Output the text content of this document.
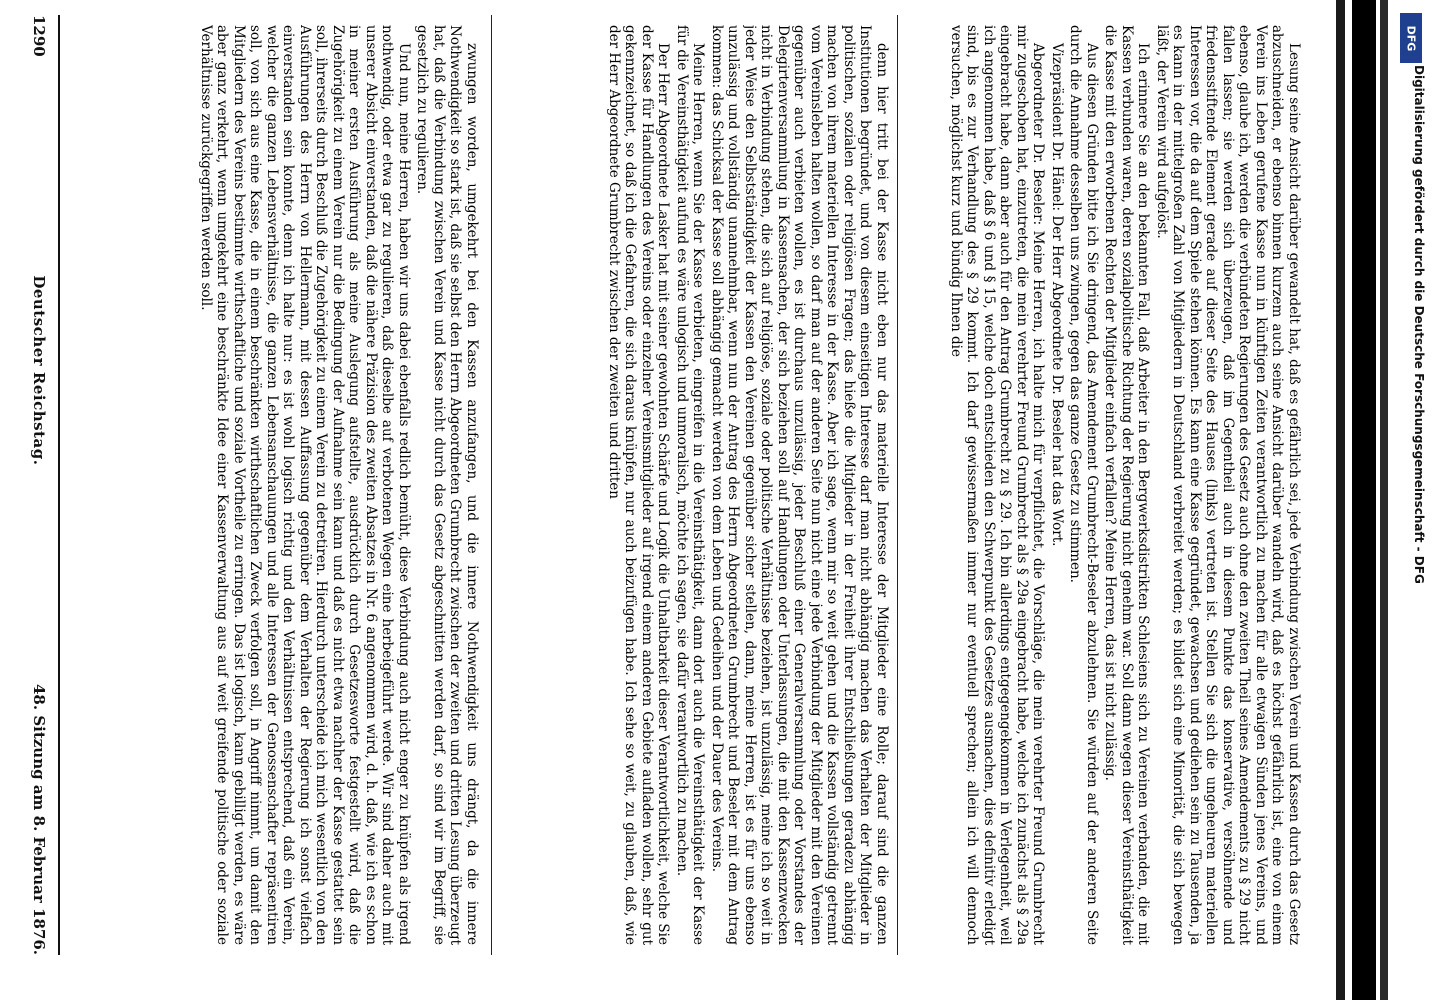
1290
Deutscher Reichstag.
48. Sitzung am 8. Februar 1876.	zwungen worden, umgekehrt bei den Kassen anzufangen, und die innere Nothwendigkeit uns drängt, da die innere Nothwendigkeit so stark ist, daß sie selbst den Herrn Abgeordneten Grumbrecht zwischen der zweiten und dritten Lesung überzeugt hat, daß die Verbindung zwischen Verein und Kasse nicht durch das Gesetz abgeschnitten werden darf, so sind wir im Begriff, sie gesetzlich zu regulieren.

Und nun, meine Herren, haben wir uns dabei ebenfalls redlich bemüht, diese Verbindung auch nicht enger zu knüpfen als irgend nothwendig, oder etwa gar zu regulieren, daß dieselbe auf verbotenen Wegen eine herbeigeführt werde. Wir sind daher auch mit unserer Absicht einverstanden, daß die nähere Präzision des zweiten Absatzes in Nr. 6 angenommen wird, d. h. daß, wie ich es schon in meiner ersten Ausführung als meine Auslegung aufstellte, ausdrücklich durch Gesetzesworte festgestellt wird, daß die Zugehörigkeit zu einem Verein nur die Bedingung der Aufnahme sein kann und daß es nicht etwa nachher der Kasse gestattet sein soll, ihrerseits durch Beschluß die Zugehörigkeit zu einem Verein zu detretiren. Hierdurch unterscheide ich mich wesentlich von den Ausführungen des Herrn von Hellermann, mit dessen Auffassung gegenüber dem Verhalten der Regierung ich sonst vielfach einverstanden sein konnte, denn ich halte nur: es ist wohl logisch richtig und den Verhältnissen entsprechend, daß ein Verein, welcher die ganzen Lebensverhältnisse, die ganzen Lebensanschauungen und alle Interessen der Genossenschafter repräsentiren soll, von sich aus eine Kasse, die in einem beschränkten wirthschaftlichen Zweck verfolgen soll, in Angriff nimmt, um damit den Mitgliedern des Vereins bestimmte wirthschaftliche und soziale Vortheile zu erringen. Das ist logisch, kann gebilligt werden, es wäre aber ganz verkehrt, wenn umgekehrt eine beschränkte Idee einer Kassenverwaltung aus auf weit greifende politische oder soziale Verhältnisse zurückgegriffen werden soll.	denn hier tritt bei der Kasse nicht eben nur das materielle Interesse der Mitglieder eine Rolle; darauf sind die ganzen Institutionen begründet, und von diesem einseitigen Interesse darf man nicht abhängig machen das Verhalten der Mitglieder in politischen, sozialen oder religiösen Fragen; das hieße die Mitglieder in der Freiheit ihrer Entschließungen geradezu abhängig machen von ihrem materiellen Interesse in der Kasse. Aber ich sage, wenn mir so weit gehen und die Kassen vollständig getrennt vom Vereinsleben halten wollen, so darf man auf der anderen Seite nun nicht eine jede Verbindung der Mitglieder mit den Vereinen gegenüber auch verbieten wollen, es ist durchaus unzulässig, jeder Beschluß einer Generalversammlung oder Vorstandes der Delegirtenversammlung in Kassensachen, der sich beziehen soll auf Handlungen oder Unterlassungen, die mit den Kassenzwecken nicht in Verbindung stehen, die sich auf religiöse, soziale oder politische Verhältnisse beziehen, ist unzulässig, meine ich so weit in jeder Weise den Selbstständigkeit der Kassen den Vereinen gegenüber sicher stellen, dann, meine Herren, ist es für uns ebenso unzulässig und vollständig unannehmbar, wenn nun der Antrag des Herrn Abgeordneten Grumbrecht und Beseler mit dem Antrag kommen: das Schicksal der Kasse soll abhängig gemacht werden von dem Leben und Gedeihen und der Dauer des Vereins.

Meine Herren, wenn Sie der Kasse verbieten, eingreifen in die Vereinsthätigkeit, dann dort auch die Vereinsthätigkeit der Kasse für die Vereinsthätigkeit aufund es wäre unlogisch und unmoralisch, möchte ich sagen, sie dafür verantwortlich zu machen.

Der Herr Abgeordnete Lasker hat mit seiner gewohnten Schärfe und Logik die Unhaltbarkeit dieser Verantwortlichkeit, welche Sie der Kasse für Handlungen des Vereins oder einzelner Vereinsmitglieder auf irgend einem anderen Gebiete aufladen wollen, sehr gut gekennzeichnet, so daß ich die Gefahren, die sich daraus knüpfen, nur auch beizufügen habe. Ich sehe so weit, zu glauben, daß, wie der Herr Abgeordnete Grumbrecht zwischen der zweiten und dritten	Lesung seine Ansicht darüber gewandelt hat, daß es gefährlich sei, jede Verbindung zwischen Verein und Kassen durch das Gesetz abzuschneiden, er ebenso binnen kurzem auch seine Ansicht darüber wandeln wird, daß es höchst gefährlich ist, eine von einem Verein ins Leben gerufene Kasse nun in künftigen Zeiten verantwortlich zu machen für alle etwaigen Sünden jenes Vereins, und ebenso, glaube ich, werden die verbündeten Regierungen des Gesetz auch ohne den zweiten Theil seines Amendements zu § 29 nicht fallen lassen; sie werden sich überzeugen, daß im Gegentheil auch in diesem Punkte das konservative, versöhnende und friedensstiftende Element gerade auf dieser Seite des Hauses (links) vertreten ist. Stellen Sie sich die ungeheuren materiellen Interessen vor, die da auf dem Spiele stehen können. Es kann eine Kasse gegründet, gewachsen und gediehen sein zu Tausenden, ja es kann in der mittelgroßen Zahl von Mitgliedern in Deutschland verbreitet werden; es bildet sich eine Minorität, die sich bewegen läßt, der Verein wird aufgelöst.

Ich erinnere Sie an den bekannten Fall, daß Arbeiter in den Bergwerksdistrikten Schlesiens sich zu Vereinen verbanden, die mit Kassen verbunden waren, deren sozialpolitische Richtung der Regierung nicht genehm war. Soll dann wegen dieser Vereinsthätigkeit die Kasse mit den erworbenen Rechten der Mitglieder einfach verfallen? Meine Herren, das ist nicht zulässig.

Aus diesen Gründen bitte ich Sie dringend, das Amendement Grumbrecht-Beseler abzulehnen. Sie würden auf der anderen Seite durch die Annahme desselben uns zwingen, gegen das ganze Gesetz zu stimmen.

Vizepräsident Dr. Hänel: Der Herr Abgeordnete Dr. Beseler hat das Wort.

Abgeordneter Dr. Beseler: Meine Herren, ich halte mich für verpflichtet, die Vorschläge, die mein verehrter Freund Grumbrecht mir zugeschoben hat, einzutreten, die mein verehrter Freund Grumbrecht als § 29a eingebracht habe, welche ich zunächst als § 29a eingebracht habe, dann aber auch für den Antrag Grumbrecht zu § 29. Ich bin allerdings entgegengekommen in Verlegenheit, weil ich angenommen habe, daß § 6 und § 15, welche doch entschieden den Schwerpunkt des Gesetzes ausmachen, dies definitiv erledigt sind, bis es zur Verhandlung des § 29 kommt. Ich darf gewissermaßen immer nur eventuell sprechen; allein ich will dennoch versuchen, möglichst kurz und bündig Ihnen die	DFG
Digitalisierung gefördert durch die Deutsche Forschungsgemeinschaft - DFG
